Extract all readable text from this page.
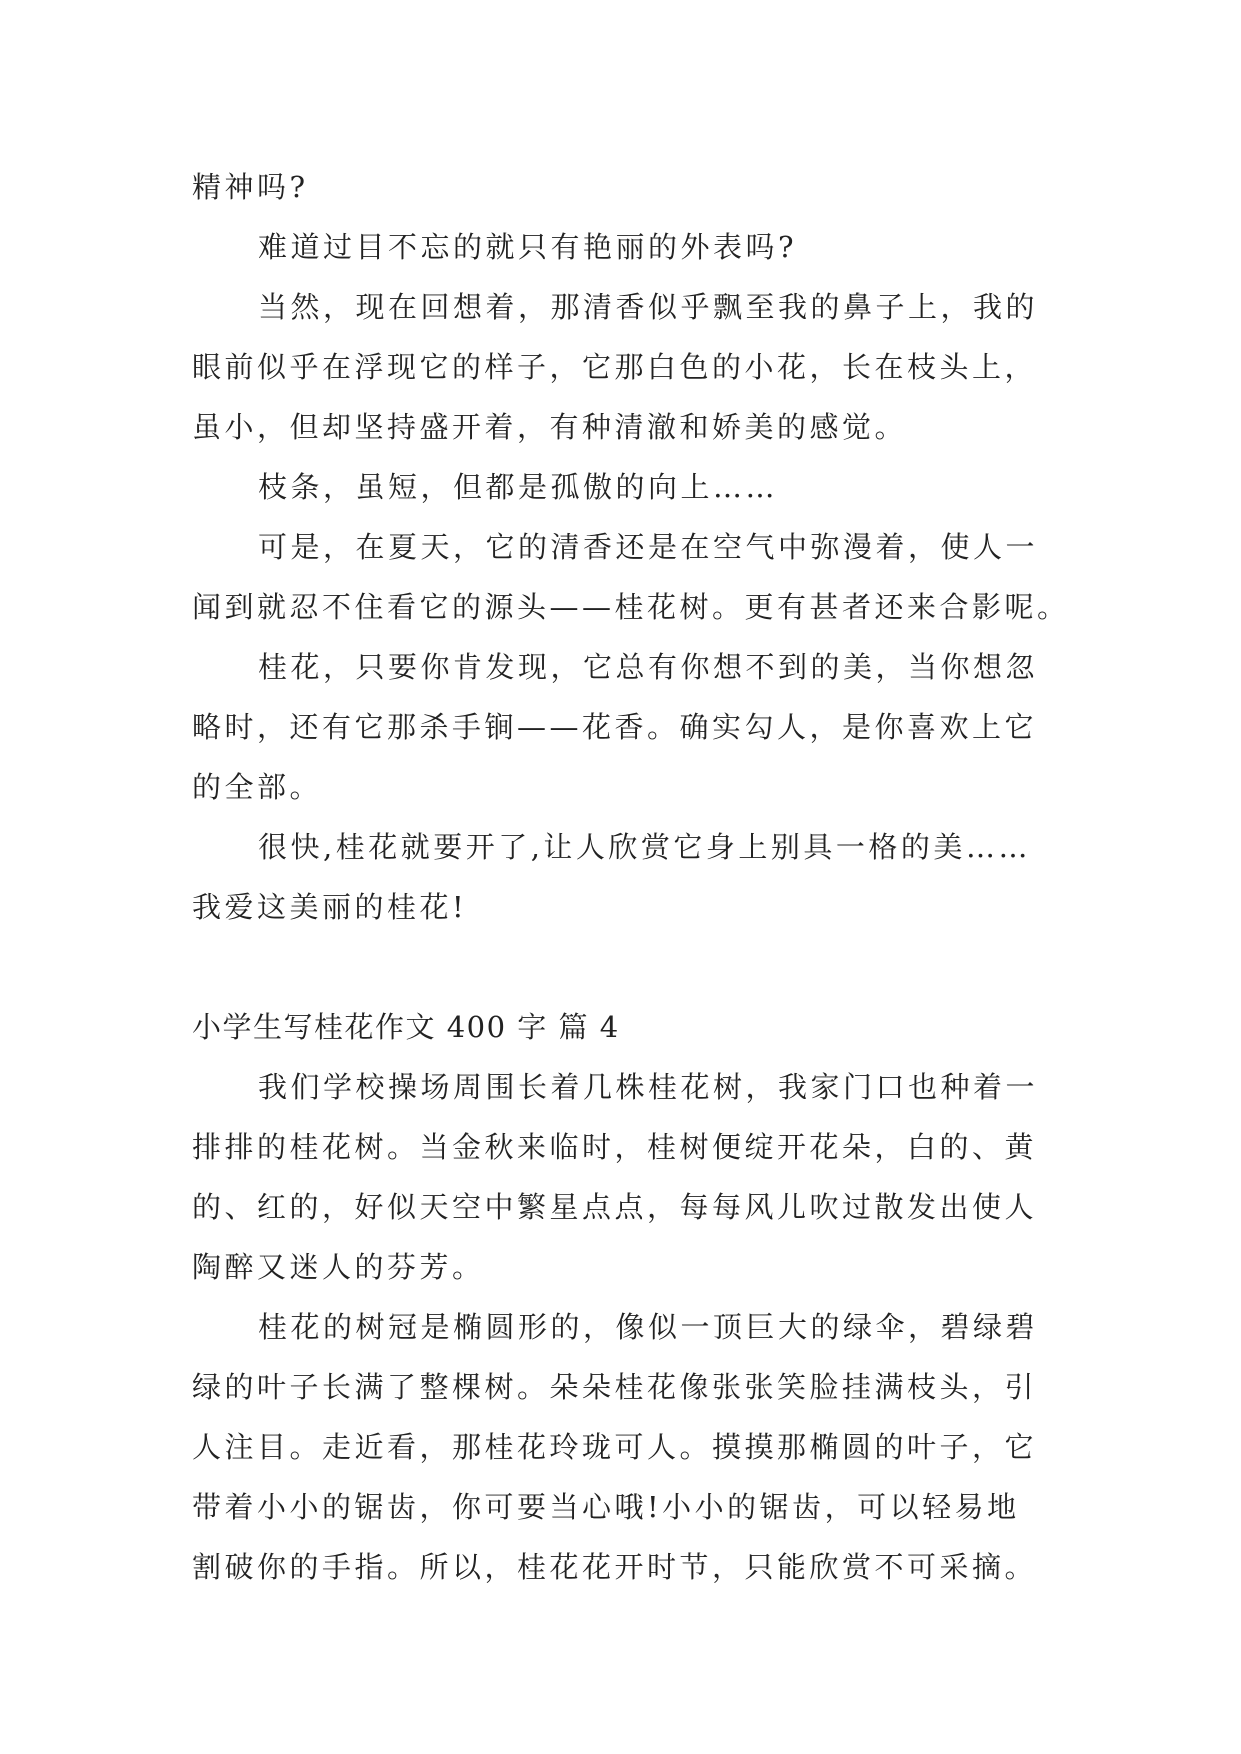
精神吗?
难道过目不忘的就只有艳丽的外表吗?
当然，现在回想着，那清香似乎飘至我的鼻子上，我的
眼前似乎在浮现它的样子，它那白色的小花，长在枝头上，
虽小，但却坚持盛开着，有种清澈和娇美的感觉。
枝条，虽短，但都是孤傲的向上……
可是，在夏天，它的清香还是在空气中弥漫着，使人一
闻到就忍不住看它的源头——桂花树。更有甚者还来合影呢。
桂花，只要你肯发现，它总有你想不到的美，当你想忽
略时，还有它那杀手锏——花香。确实勾人，是你喜欢上它
的全部。
很快,桂花就要开了,让人欣赏它身上别具一格的美……
我爱这美丽的桂花!
小学生写桂花作文 400 字 篇 4
我们学校操场周围长着几株桂花树，我家门口也种着一
排排的桂花树。当金秋来临时，桂树便绽开花朵，白的、黄
的、红的，好似天空中繁星点点，每每风儿吹过散发出使人
陶醉又迷人的芬芳。
桂花的树冠是椭圆形的，像似一顶巨大的绿伞，碧绿碧
绿的叶子长满了整棵树。朵朵桂花像张张笑脸挂满枝头，引
人注目。走近看，那桂花玲珑可人。摸摸那椭圆的叶子，它
带着小小的锯齿，你可要当心哦!小小的锯齿，可以轻易地
割破你的手指。所以，桂花花开时节，只能欣赏不可采摘。
